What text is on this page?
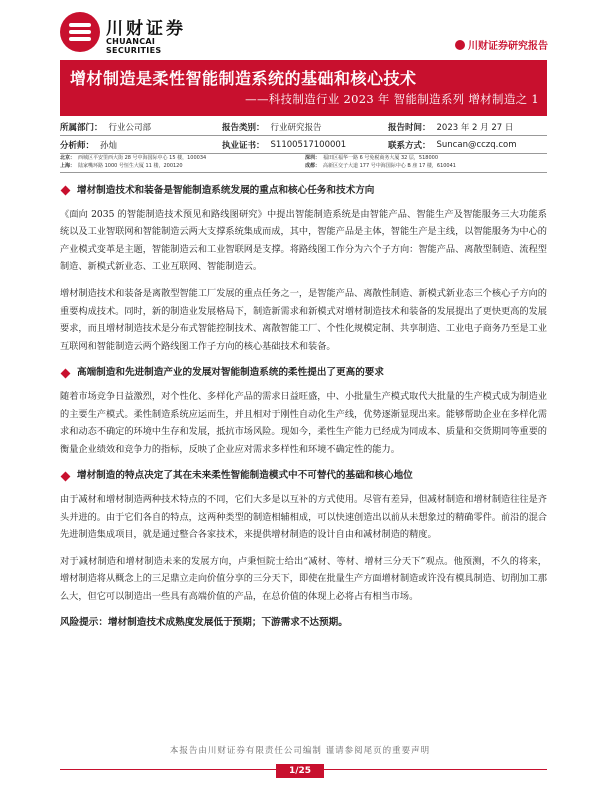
川财证券
CHUANCAI SECURITIES	川财证券研究报告
增材制造是柔性智能制造系统的基础和核心技术
——科技制造行业 2023 年 智能制造系列 增材制造之 1
所属部门： 行业公司部	报告类别： 行业研究报告	报告时间： 2023 年 2 月 27 日
分析师： 孙灿	执业证书： S1100517100001	联系方式： Suncan@cczq.com
北京： 西城区平安里西大街 28 号中海国际中心 15 楼，100034	深圳： 福田区福华一路 6 号免税商务大厦 32 层，518000
上海： 陆家嘴环路 1000 号恒生大厦 11 楼，200120	成都： 高新区交子大道 177 号中海国际中心 B 座 17 楼，610041
增材制造技术和装备是智能制造系统发展的重点和核心任务和技术方向

《面向 2035 的智能制造技术预见和路线图研究》中提出智能制造系统是由智能产品、智能生产及智能服务三大功能系统以及工业智联网和智能制造云两大支撑系统集成而成，其中，智能产品是主体，智能生产是主线，以智能服务为中心的产业模式变革是主题，智能制造云和工业智联网是支撑。将路线图工作分为六个子方向：智能产品、离散型制造、流程型制造、新模式新业态、工业互联网、智能制造云。

增材制造技术和装备是离散型智能工厂发展的重点任务之一，是智能产品、离散性制造、新模式新业态三个核心子方向的重要构成技术。同时，新的制造业发展格局下，制造新需求和新模式对增材制造技术和装备的发展提出了更快更高的发展要求，而且增材制造技术是分布式智能控制技术、离散智能工厂、个性化规模定制、共享制造、工业电子商务乃至是工业互联网和智能制造云两个路线图工作子方向的核心基础技术和装备。

高端制造和先进制造产业的发展对智能制造系统的柔性提出了更高的要求

随着市场竞争日益激烈，对个性化、多样化产品的需求日益旺盛，中、小批量生产模式取代大批量的生产模式成为制造业的主要生产模式。柔性制造系统应运而生，并且相对于刚性自动化生产线，优势逐渐显现出来。能够帮助企业在多样化需求和动态不确定的环境中生存和发展，抵抗市场风险。现如今，柔性生产能力已经成为同成本、质量和交货期同等重要的衡量企业绩效和竞争力的指标，反映了企业应对需求多样性和环境不确定性的能力。

增材制造的特点决定了其在未来柔性智能制造模式中不可替代的基础和核心地位

由于减材和增材制造两种技术特点的不同，它们大多是以互补的方式使用。尽管有差异，但减材制造和增材制造往往是齐头并进的。由于它们各自的特点，这两种类型的制造相辅相成，可以快速创造出以前从未想象过的精确零件。前沿的混合先进制造集成项目，就是通过整合各家技术，来提供增材制造的设计自由和减材制造的精度。

对于减材制造和增材制造未来的发展方向，卢秉恒院士给出“减材、等材、增材三分天下”观点。他预测，不久的将来，增材制造将从概念上的三足鼎立走向价值分享的三分天下，即使在批量生产方面增材制造或许没有模具制造、切削加工那么大，但它可以制造出一些具有高端价值的产品，在总价值的体现上必将占有相当市场。

风险提示：增材制造技术成熟度发展低于预期；下游需求不达预期。
本报告由川财证券有限责任公司编制 谨请参阅尾页的重要声明
1/25
